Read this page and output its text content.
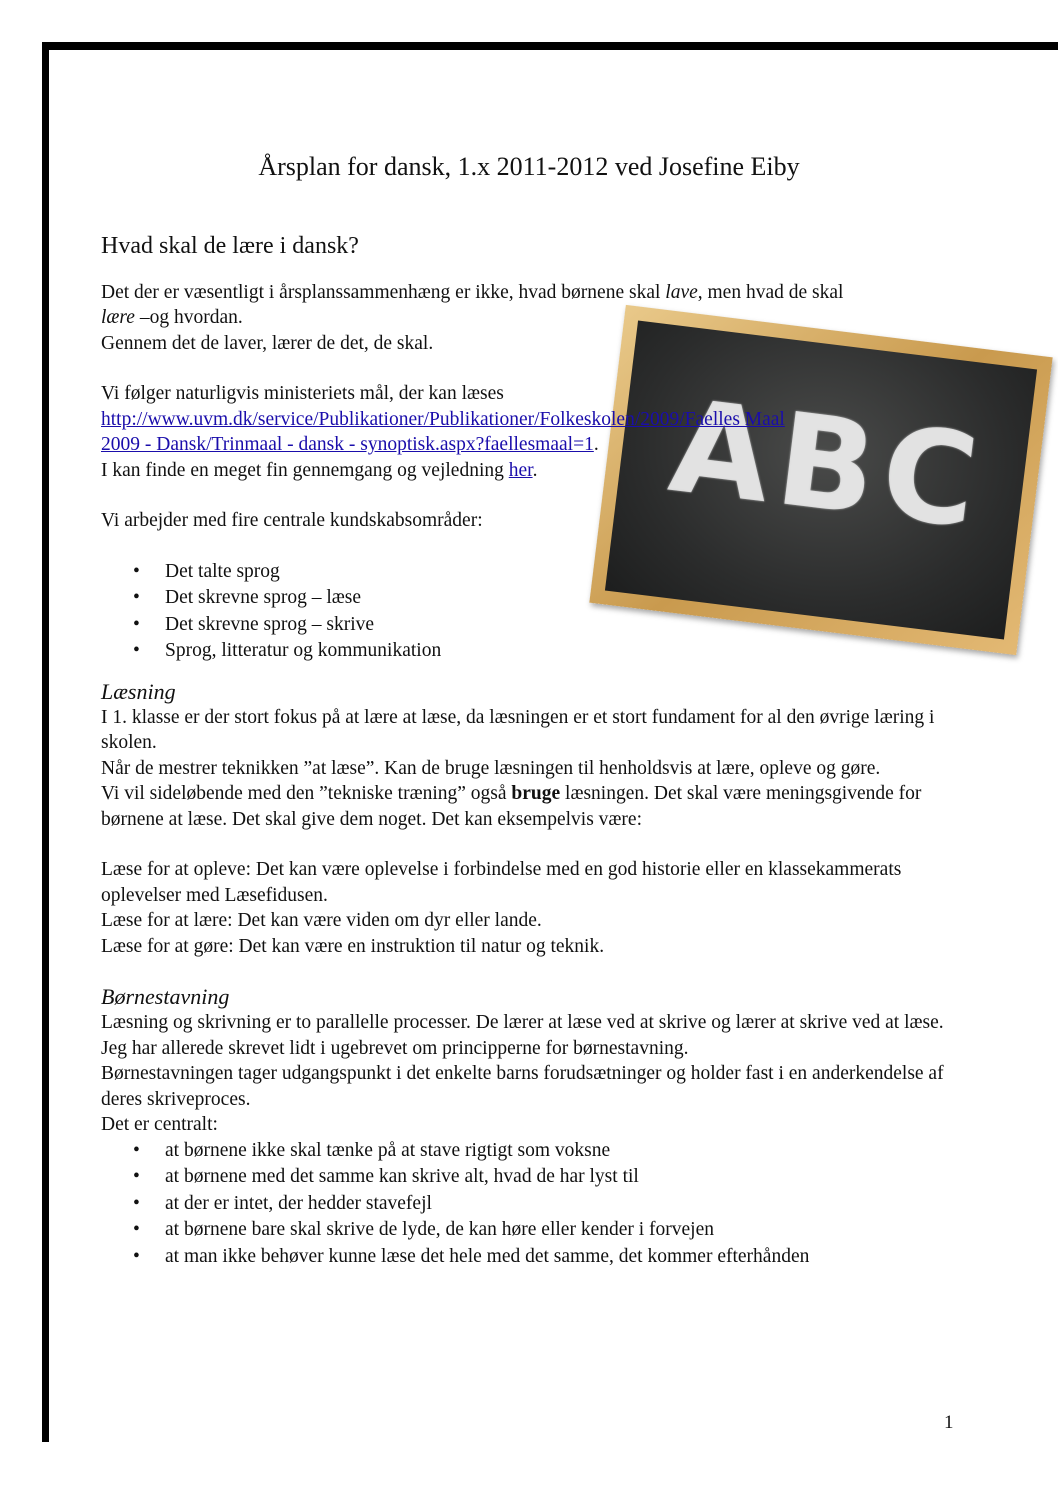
ABC
Årsplan for dansk, 1.x 2011-2012 ved Josefine Eiby
Hvad skal de lære i dansk?

Det der er væsentligt i årsplanssammenhæng er ikke, hvad børnene skal lave, men hvad de skal
lære –og hvordan.

Gennem det de laver, lærer de det, de skal.

Vi følger naturligvis ministeriets mål, der kan læses

http://www.uvm.dk/service/Publikationer/Publikationer/Folkeskolen/2009/Faelles Maal
2009 - Dansk/Trinmaal - dansk - synoptisk.aspx?faellesmaal=1.

I kan finde en meget fin gennemgang og vejledning her.

Vi arbejder med fire centrale kundskabsområder:

• Det talte sprog
• Det skrevne sprog – læse
• Det skrevne sprog – skrive
• Sprog, litteratur og kommunikation
Læsning

I 1. klasse er der stort fokus på at lære at læse, da læsningen er et stort fundament for al den øvrige læring i skolen.

Når de mestrer teknikken ”at læse”. Kan de bruge læsningen til henholdsvis at lære, opleve og gøre.

Vi vil sideløbende med den ”tekniske træning” også bruge læsningen. Det skal være meningsgivende for børnene at læse. Det skal give dem noget. Det kan eksempelvis være:

Læse for at opleve: Det kan være oplevelse i forbindelse med en god historie eller en klassekammerats oplevelser med Læsefidusen.

Læse for at lære: Det kan være viden om dyr eller lande.

Læse for at gøre: Det kan være en instruktion til natur og teknik.

Børnestavning

Læsning og skrivning er to parallelle processer. De lærer at læse ved at skrive og lærer at skrive ved at læse.

Jeg har allerede skrevet lidt i ugebrevet om principperne for børnestavning.

Børnestavningen tager udgangspunkt i det enkelte barns forudsætninger og holder fast i en anderkendelse af deres skriveproces.

Det er centralt:

• at børnene ikke skal tænke på at stave rigtigt som voksne
• at børnene med det samme kan skrive alt, hvad de har lyst til
• at der er intet, der hedder stavefejl
• at børnene bare skal skrive de lyde, de kan høre eller kender i forvejen
• at man ikke behøver kunne læse det hele med det samme, det kommer efterhånden
1
